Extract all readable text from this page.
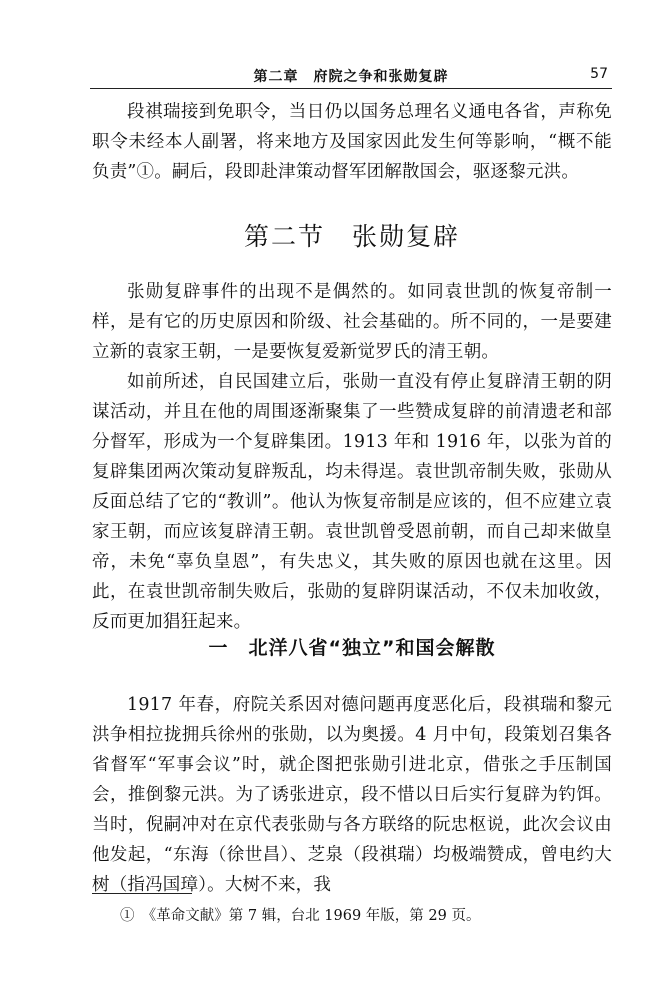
第二章　府院之争和张勋复辟	57

段祺瑞接到免职令，当日仍以国务总理名义通电各省，声称免职令未经本人副署，将来地方及国家因此发生何等影响，“概不能负责”①。嗣后，段即赴津策动督军团解散国会，驱逐黎元洪。

第二节　张勋复辟

张勋复辟事件的出现不是偶然的。如同袁世凯的恢复帝制一样，是有它的历史原因和阶级、社会基础的。所不同的，一是要建立新的袁家王朝，一是要恢复爱新觉罗氏的清王朝。

如前所述，自民国建立后，张勋一直没有停止复辟清王朝的阴谋活动，并且在他的周围逐渐聚集了一些赞成复辟的前清遗老和部分督军，形成为一个复辟集团。1913 年和 1916 年，以张为首的复辟集团两次策动复辟叛乱，均未得逞。袁世凯帝制失败，张勋从反面总结了它的“教训”。他认为恢复帝制是应该的，但不应建立袁家王朝，而应该复辟清王朝。袁世凯曾受恩前朝，而自己却来做皇帝，未免“辜负皇恩”，有失忠义，其失败的原因也就在这里。因此，在袁世凯帝制失败后，张勋的复辟阴谋活动，不仅未加收敛，反而更加猖狂起来。

一　北洋八省“独立”和国会解散

1917 年春，府院关系因对德问题再度恶化后，段祺瑞和黎元洪争相拉拢拥兵徐州的张勋，以为奥援。4 月中旬，段策划召集各省督军“军事会议”时，就企图把张勋引进北京，借张之手压制国会，推倒黎元洪。为了诱张进京，段不惜以日后实行复辟为钓饵。当时，倪嗣冲对在京代表张勋与各方联络的阮忠枢说，此次会议由他发起，“东海（徐世昌）、芝泉（段祺瑞）均极端赞成，曾电约大树（指冯国璋）。大树不来，我

①　《革命文献》第 7 辑，台北 1969 年版，第 29 页。
